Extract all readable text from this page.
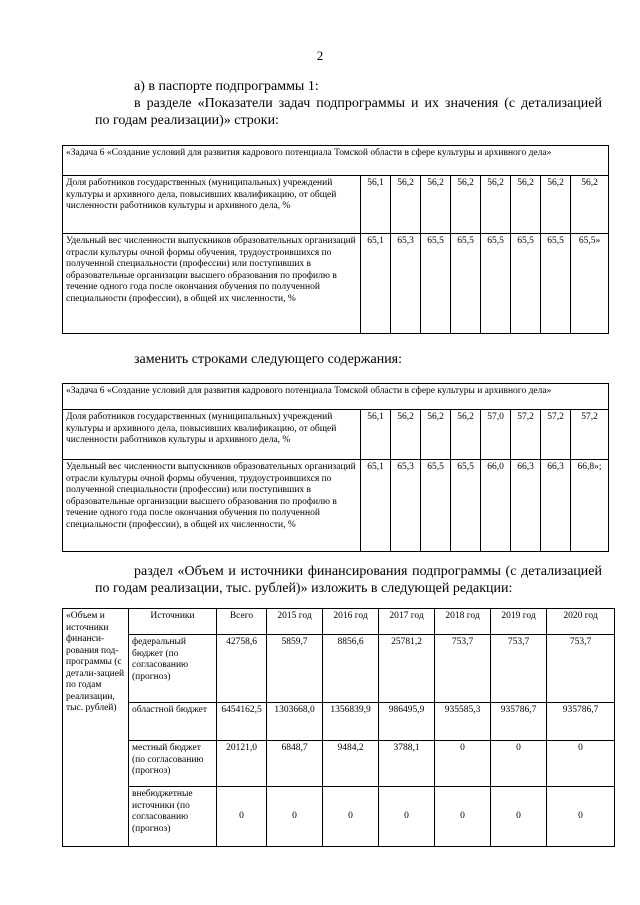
2
а) в паспорте подпрограммы 1:
в разделе «Показатели задач подпрограммы и их значения (с детализацией
по годам реализации)» строки:
«Задача 6 «Создание условий для развития кадрового потенциала Томской области в сфере культуры и архивного дела»								
Доля работников государственных (муниципальных) учреждений культуры и архивного дела, повысивших квалификацию, от общей численности работников культуры и архивного дела, %	56,1	56,2	56,2	56,2	56,2	56,2	56,2	56,2
Удельный вес численности выпускников образовательных организаций отрасли культуры очной формы обучения, трудоустроившихся по полученной специальности (профессии) или поступивших в образовательные организации высшего образования по профилю в течение одного года после окончания обучения по полученной специальности (профессии), в общей их численности, %	65,1	65,3	65,5	65,5	65,5	65,5	65,5	65,5»
заменить строками следующего содержания:
«Задача 6 «Создание условий для развития кадрового потенциала Томской области в сфере культуры и архивного дела»								
Доля работников государственных (муниципальных) учреждений культуры и архивного дела, повысивших квалификацию, от общей численности работников культуры и архивного дела, %	56,1	56,2	56,2	56,2	57,0	57,2	57,2	57,2
Удельный вес численности выпускников образовательных организаций отрасли культуры очной формы обучения, трудоустроившихся по полученной специальности (профессии) или поступивших в образовательные организации высшего образования по профилю в течение одного года после окончания обучения по полученной специальности (профессии), в общей их численности, %	65,1	65,3	65,5	65,5	66,0	66,3	66,3	66,8»;
раздел «Объем и источники финансирования подпрограммы (с детализацией
по годам реализации, тыс. рублей)» изложить в следующей редакции:
«Объем и источники финанси-рования под-программы (с детали-зацией по годам реализации, тыс. рублей)	Источники	Всего	2015 год	2016 год	2017 год	2018 год	2019 год	2020 год
	федеральный бюджет (по согласованию (прогноз)	42758,6	5859,7	8856,6	25781,2	753,7	753,7	753,7
	областной бюджет	6454162,5	1303668,0	1356839,9	986495,9	935585,3	935786,7	935786,7
	местный бюджет (по согласованию (прогноз)	20121,0	6848,7	9484,2	3788,1	0	0	0
	внебюджетные источники (по согласованию (прогноз)	0	0	0	0	0	0	0
